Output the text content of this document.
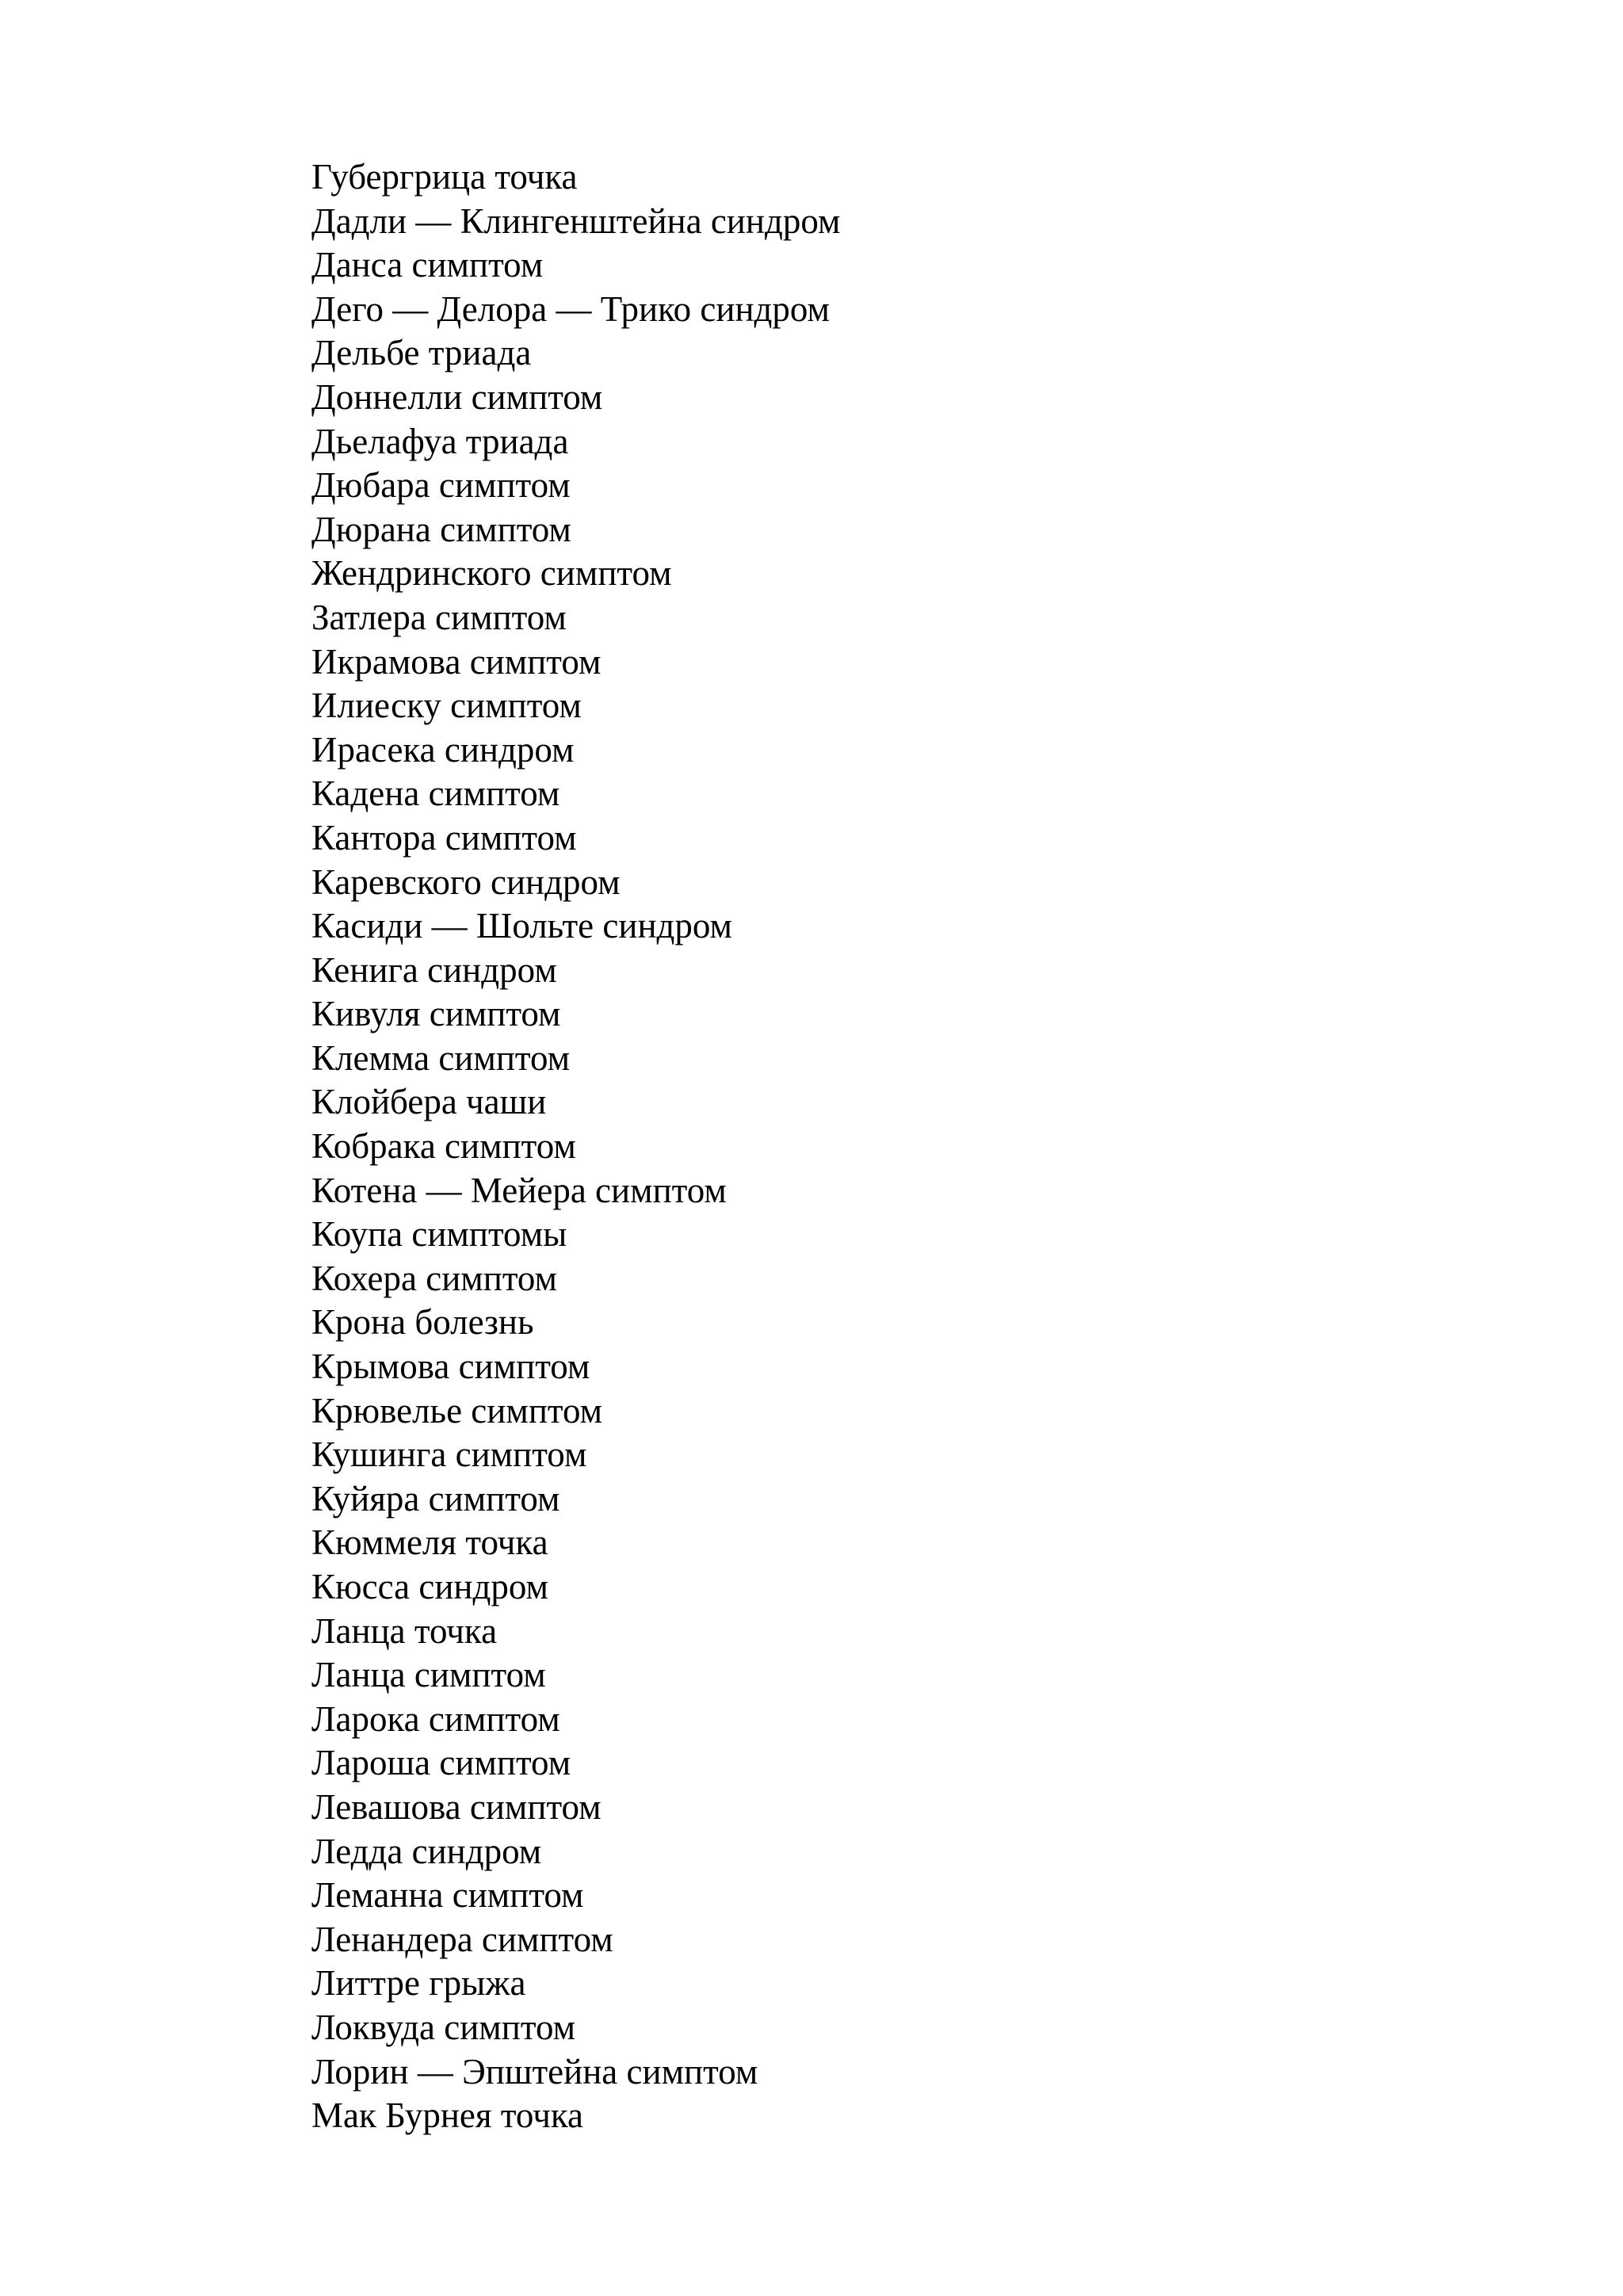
Губергрица точка
Дадли — Клингенштейна синдром
Данса симптом
Дего — Делора — Трико синдром
Дельбе триада
Доннелли симптом
Дьелафуа триада
Дюбара симптом
Дюрана симптом
Жендринского симптом
Затлера симптом
Икрамова симптом
Илиеску симптом
Ирасека синдром
Кадена симптом
Кантора симптом
Каревского синдром
Касиди — Шольте синдром
Кенига синдром
Кивуля симптом
Клемма симптом
Клойбера чаши
Кобрака симптом
Котена — Мейера симптом
Коупа симптомы
Кохера симптом
Крона болезнь
Крымова симптом
Крювелье симптом
Кушинга симптом
Куйяра симптом
Кюммеля точка
Кюсса синдром
Ланца точка
Ланца симптом
Ларока симптом
Лароша симптом
Левашова симптом
Ледда синдром
Леманна симптом
Ленандера симптом
Литтре грыжа
Локвуда симптом
Лорин — Эпштейна симптом
Мак Бурнея точка
